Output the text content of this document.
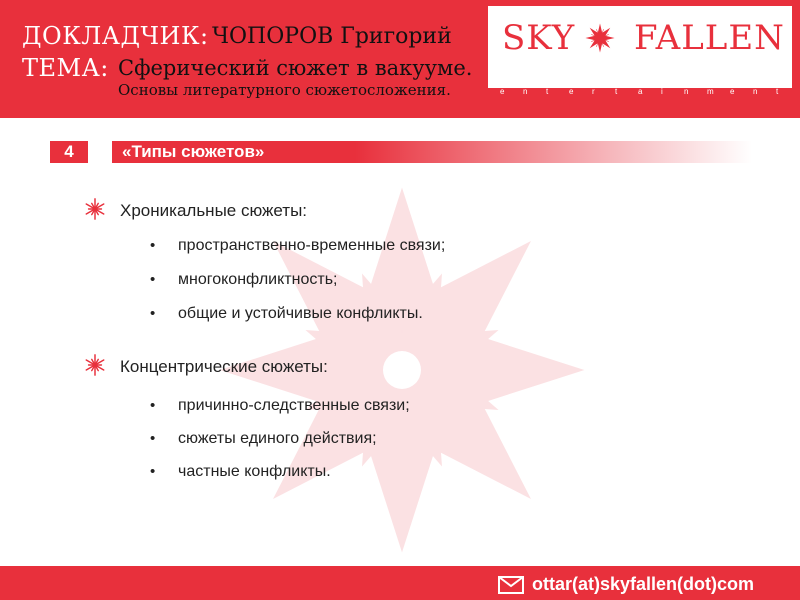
ДОКЛАДЧИК: ЧОПОРОВ Григорий
ТЕМА: Сферический сюжет в вакууме.
Основы литературного сюжетосложения.
SKY FALLEN
e n t	e r	t	a i	n m e n t
4	«Типы сюжетов»
Хроникальные сюжеты:
• пространственно-временные связи;
• многоконфликтность;
• общие и устойчивые конфликты.
Концентрические сюжеты:
• причинно-следственные связи;
• сюжеты единого действия;
• частные конфликты.
ottar(at)skyfallen(dot)com
